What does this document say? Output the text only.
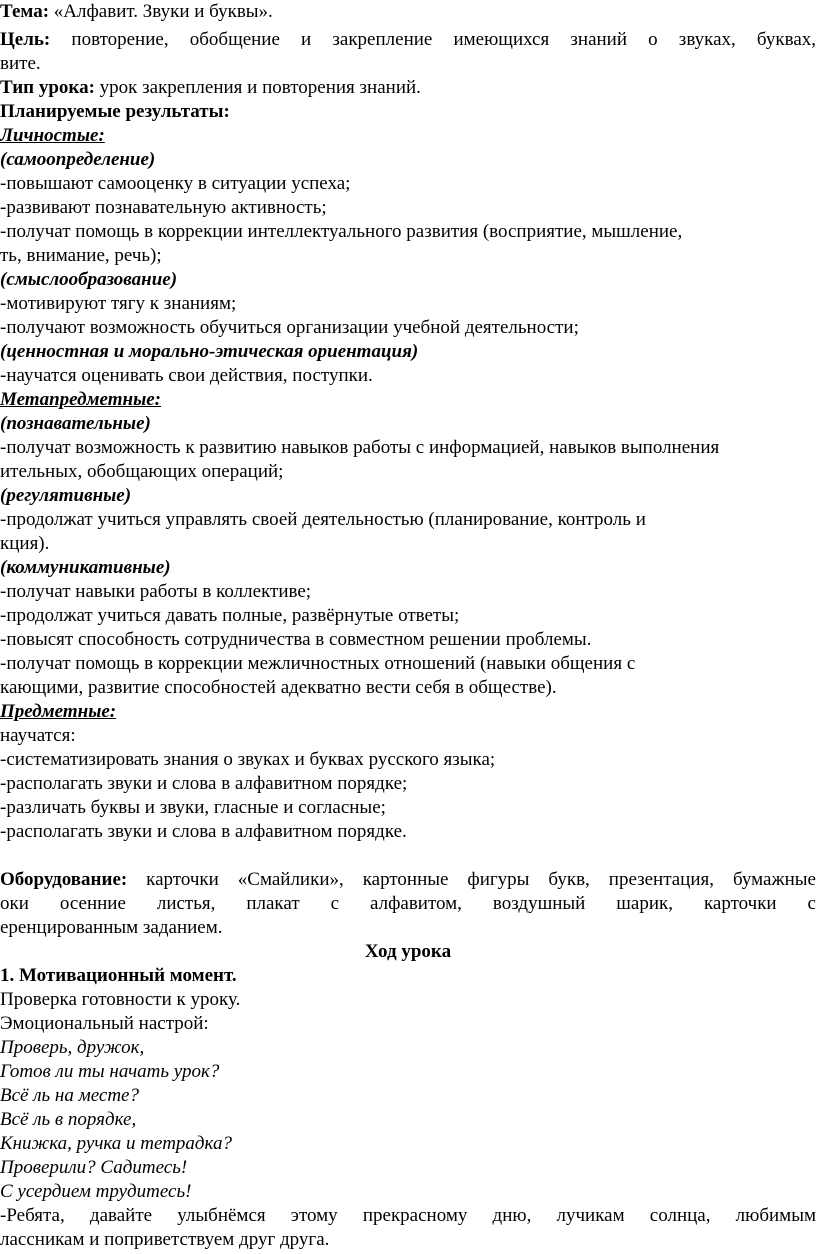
Тема: «Алфавит. Звуки и буквы».
Цель: повторение, обобщение и закрепление имеющихся знаний о звуках, буквах,
вите.
Тип урока: урок закрепления и повторения знаний.
Планируемые результаты:
Личностые:
(самоопределение)
-повышают самооценку в ситуации успеха;
-развивают познавательную активность;
-получат помощь в коррекции интеллектуального развития (восприятие, мышление,
ть, внимание, речь);
(смыслообразование)
-мотивируют тягу к знаниям;
-получают возможность обучиться организации учебной деятельности;
(ценностная и морально-этическая ориентация)
-научатся оценивать свои действия, поступки.
Метапредметные:
(познавательные)
-получат возможность к развитию навыков работы с информацией, навыков выполнения
ительных, обобщающих операций;
(регулятивные)
-продолжат учиться управлять своей деятельностью (планирование, контроль и
кция).
(коммуникативные)
-получат навыки работы в коллективе;
-продолжат учиться давать полные, развёрнутые ответы;
-повысят способность сотрудничества в совместном решении проблемы.
-получат помощь в коррекции межличностных отношений (навыки общения с
кающими, развитие способностей адекватно вести себя в обществе).
Предметные:
научатся:
-систематизировать знания о звуках и буквах русского языка;
-располагать звуки и слова в алфавитном порядке;
-различать буквы и звуки, гласные и согласные;
-располагать звуки и слова в алфавитном порядке.
Оборудование: карточки «Смайлики», картонные фигуры букв, презентация, бумажные
оки осенние листья, плакат с алфавитом, воздушный шарик, карточки с
еренцированным заданием.
Ход урока
1. Мотивационный момент.
Проверка готовности к уроку.
Эмоциональный настрой:
Проверь, дружок,
Готов ли ты начать урок?
Всё ль на месте?
Всё ль в порядке,
Книжка, ручка и тетрадка?
Проверили? Садитесь!
С усердием трудитесь!
-Ребята, давайте улыбнёмся этому прекрасному дню, лучикам солнца, любимым
лассникам и поприветствуем друг друга.
